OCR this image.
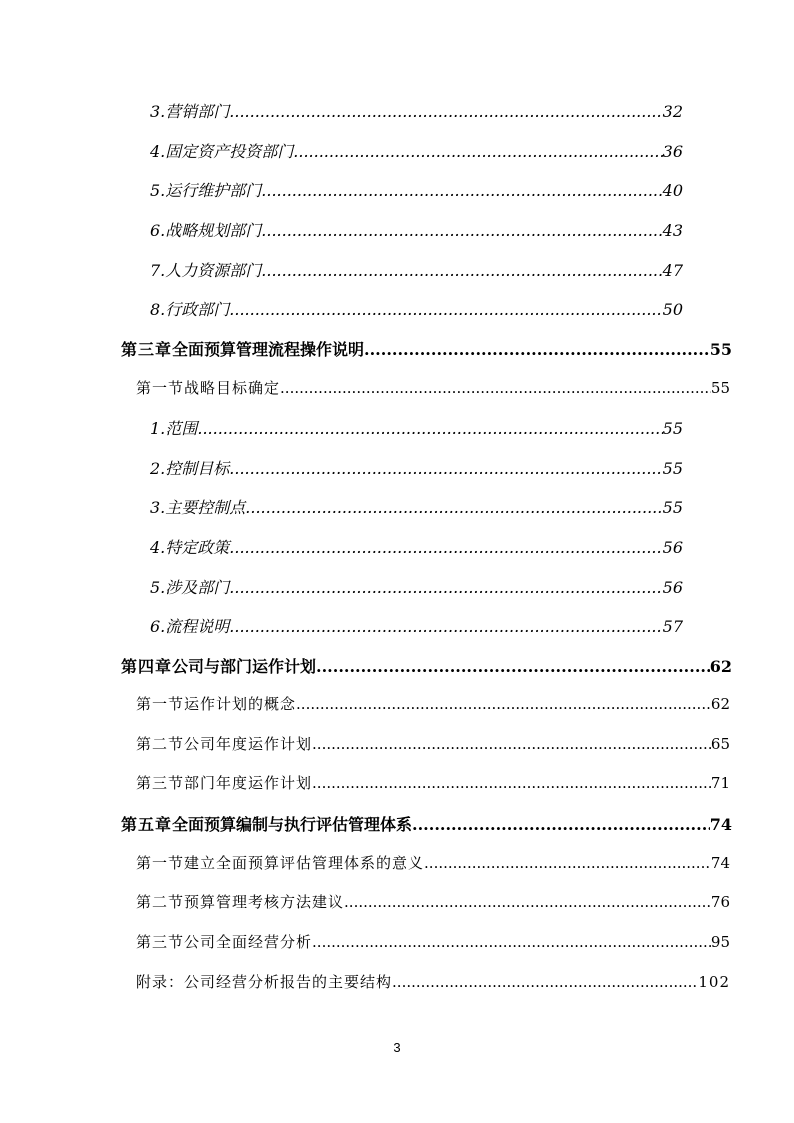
3. 营销部门 .....	32
4. 固定资产投资部门 .....	36
5. 运行维护部门 .....	40
6. 战略规划部门 .....	43
7. 人力资源部门 .....	47
8. 行政部门 .....	50
第三章 全面预算管理流程操作说明 .....	55
第一节 战略目标确定 .....	55
1. 范围 .....	55
2. 控制目标 .....	55
3. 主要控制点 .....	55
4. 特定政策 .....	56
5. 涉及部门 .....	56
6. 流程说明 .....	57
第四章 公司与部门运作计划 .....	62
第一节 运作计划的概念 .....	62
第二节 公司年度运作计划 .....	65
第三节 部门年度运作计划 .....	71
第五章 全面预算编制与执行评估管理体系 .....	74
第一节 建立全面预算评估管理体系的意义 .....	74
第二节 预算管理考核方法建议 .....	76
第三节 公司全面经营分析 .....	95
附录： 公司经营分析报告的主要结构 .....	102
3
